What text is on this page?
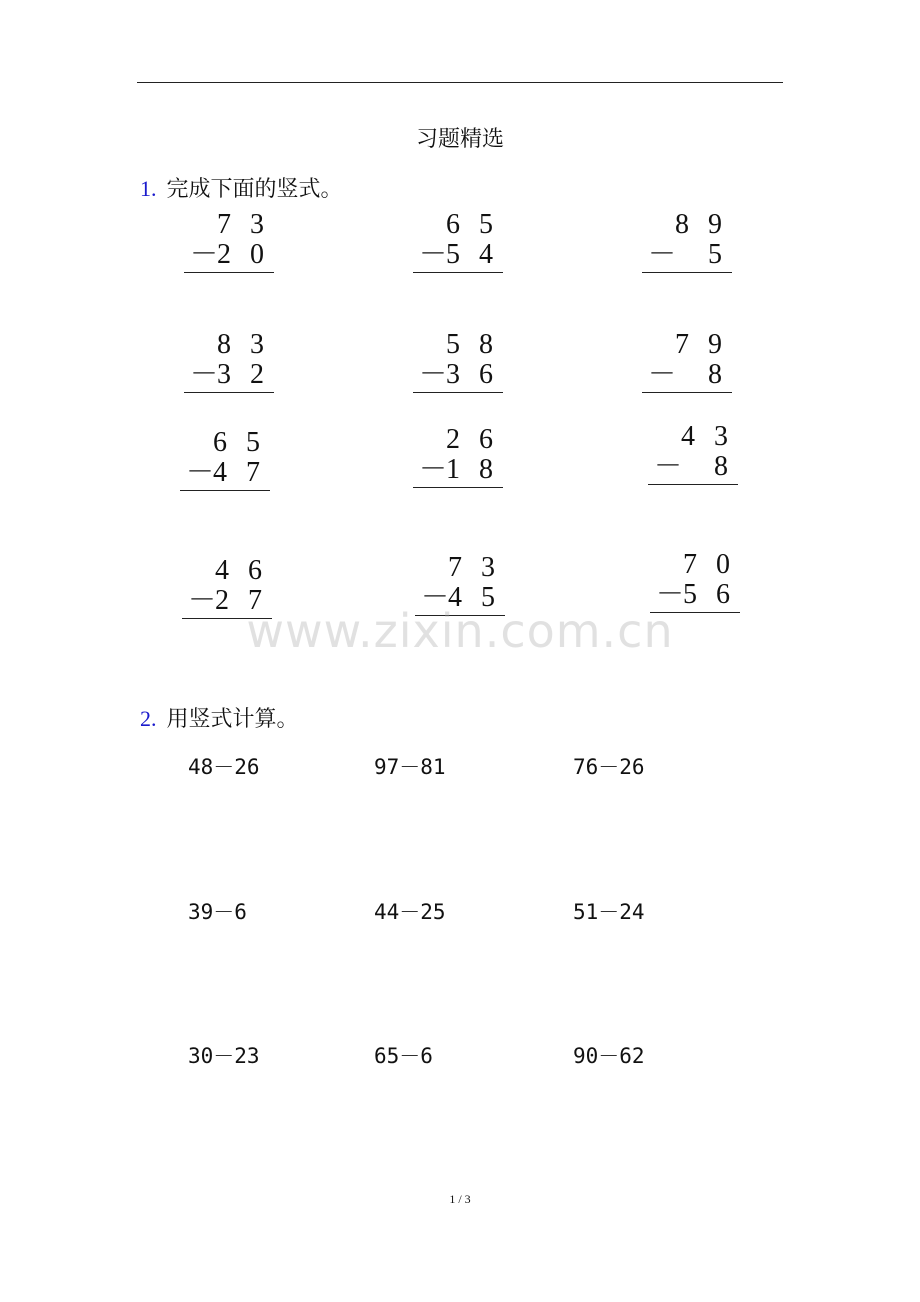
习题精选
1. 完成下面的竖式。
7 3
－
2 0
6 5
－
5 4
8 9
－ 5
8 3
－
3 2
5 8
－
3 6
7 9
－ 8
6 5
－
4 7
2 6
－
1 8
4 3
－ 8
4 6
－
2 7
7 3
－
4 5
7 0
－
5 6
www.zixin.com.cn
2. 用竖式计算。
48－26	97－81	76－26
39－6	44－25	51－24
30－23	65－6	90－62
1 / 3
